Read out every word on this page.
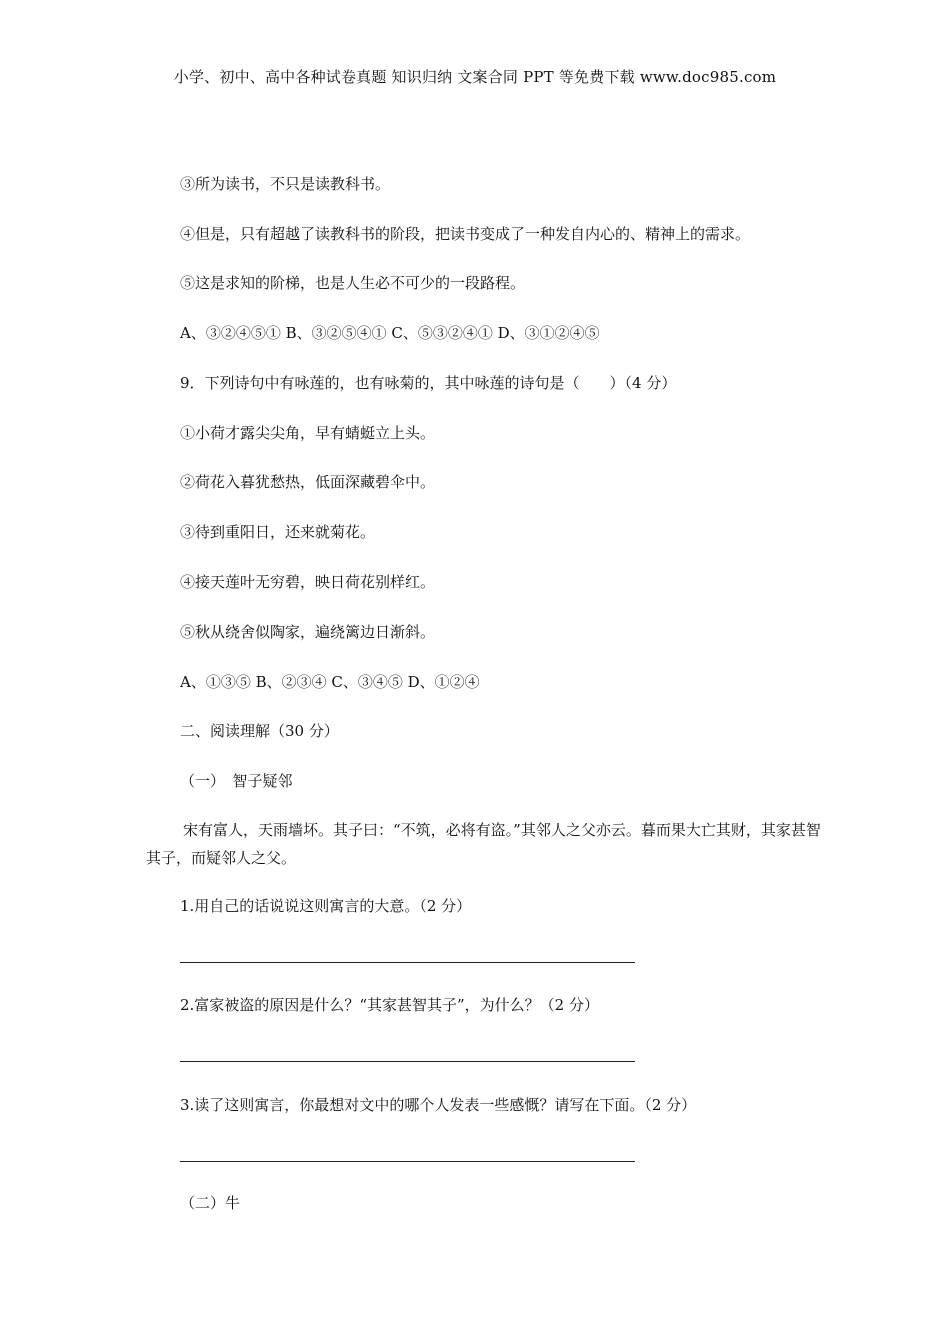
小学、初中、高中各种试卷真题 知识归纳 文案合同 PPT 等免费下载 www.doc985.com
③所为读书，不只是读教科书。
④但是，只有超越了读教科书的阶段，把读书变成了一种发自内心的、精神上的需求。
⑤这是求知的阶梯，也是人生必不可少的一段路程。
A、③②④⑤① B、③②⑤④① C、⑤③②④① D、③①②④⑤
9．下列诗句中有咏莲的，也有咏菊的，其中咏莲的诗句是（　　）（4 分）
①小荷才露尖尖角，早有蜻蜓立上头。
②荷花入暮犹愁热，低面深藏碧伞中。
③待到重阳日，还来就菊花。
④接天莲叶无穷碧，映日荷花别样红。
⑤秋从绕舍似陶家，遍绕篱边日渐斜。
A、①③⑤ B、②③④ C、③④⑤ D、①②④
二、阅读理解（30 分）
（一）　智子疑邻
宋有富人，天雨墙坏。其子曰：“不筑，必将有盗。”其邻人之父亦云。暮而果大亡其财，其家甚智其子，而疑邻人之父。
1.用自己的话说说这则寓言的大意。（2 分）
2.富家被盗的原因是什么？“其家甚智其子”，为什么？（2 分）
3.读了这则寓言，你最想对文中的哪个人发表一些感慨？请写在下面。（2 分）
（二）牛
